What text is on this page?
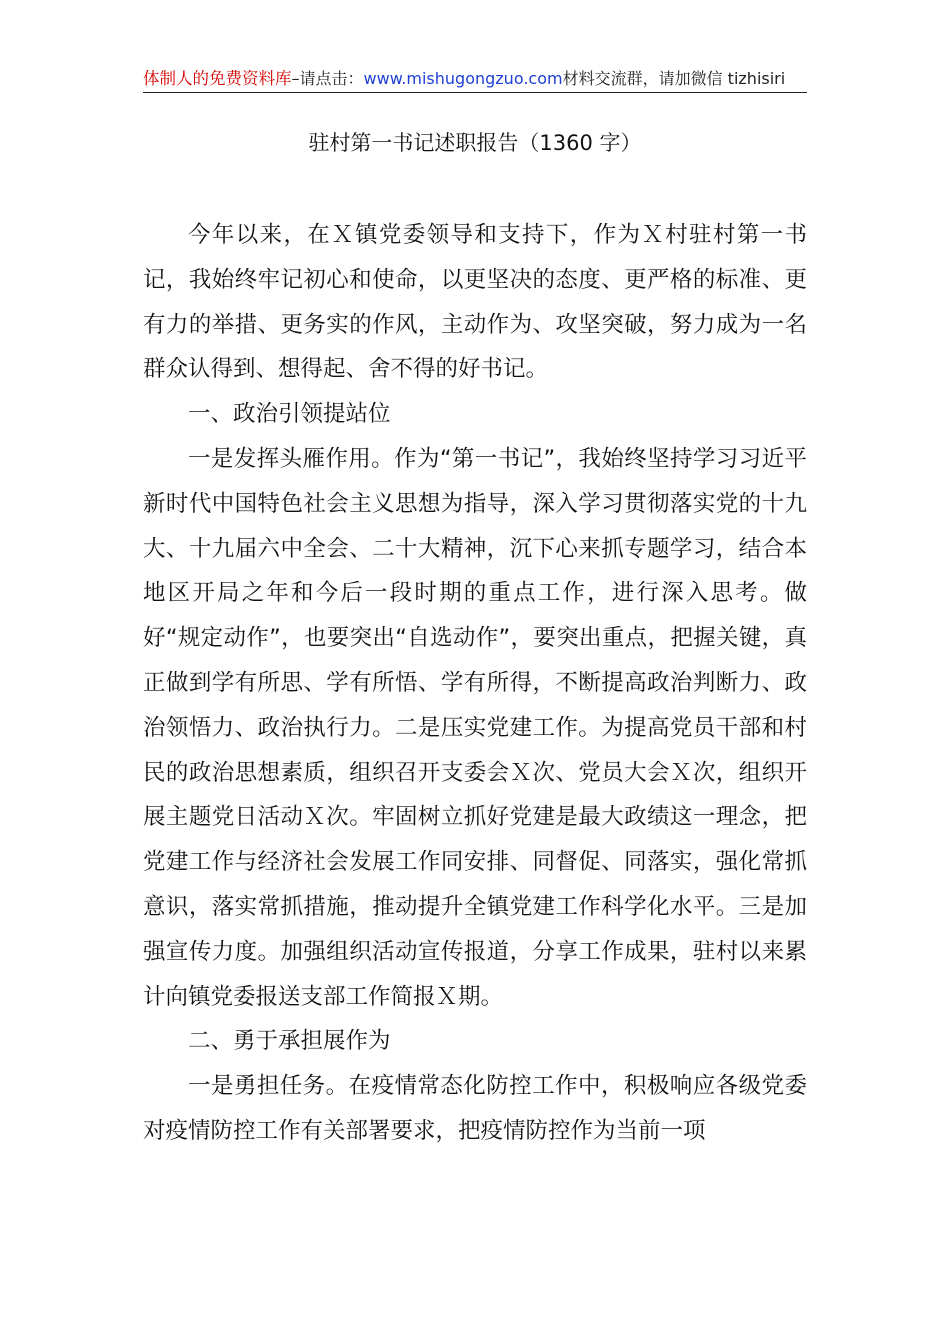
体制人的免费资料库–请点击：www.mishugongzuo.com材料交流群，请加微信 tizhisiri
驻村第一书记述职报告（1360 字）

今年以来，在Ｘ镇党委领导和支持下，作为Ｘ村驻村第一书记，我始终牢记初心和使命，以更坚决的态度、更严格的标准、更有力的举措、更务实的作风，主动作为、攻坚突破，努力成为一名群众认得到、想得起、舍不得的好书记。

一、政治引领提站位

一是发挥头雁作用。作为“第一书记”，我始终坚持学习习近平新时代中国特色社会主义思想为指导，深入学习贯彻落实党的十九大、十九届六中全会、二十大精神，沉下心来抓专题学习，结合本地区开局之年和今后一段时期的重点工作，进行深入思考。做好“规定动作”，也要突出“自选动作”，要突出重点，把握关键，真正做到学有所思、学有所悟、学有所得，不断提高政治判断力、政治领悟力、政治执行力。二是压实党建工作。为提高党员干部和村民的政治思想素质，组织召开支委会Ｘ次、党员大会Ｘ次，组织开展主题党日活动Ｘ次。牢固树立抓好党建是最大政绩这一理念，把党建工作与经济社会发展工作同安排、同督促、同落实，强化常抓意识，落实常抓措施，推动提升全镇党建工作科学化水平。三是加强宣传力度。加强组织活动宣传报道，分享工作成果，驻村以来累计向镇党委报送支部工作简报Ｘ期。

二、勇于承担展作为

一是勇担任务。在疫情常态化防控工作中，积极响应各级党委对疫情防控工作有关部署要求，把疫情防控作为当前一项
